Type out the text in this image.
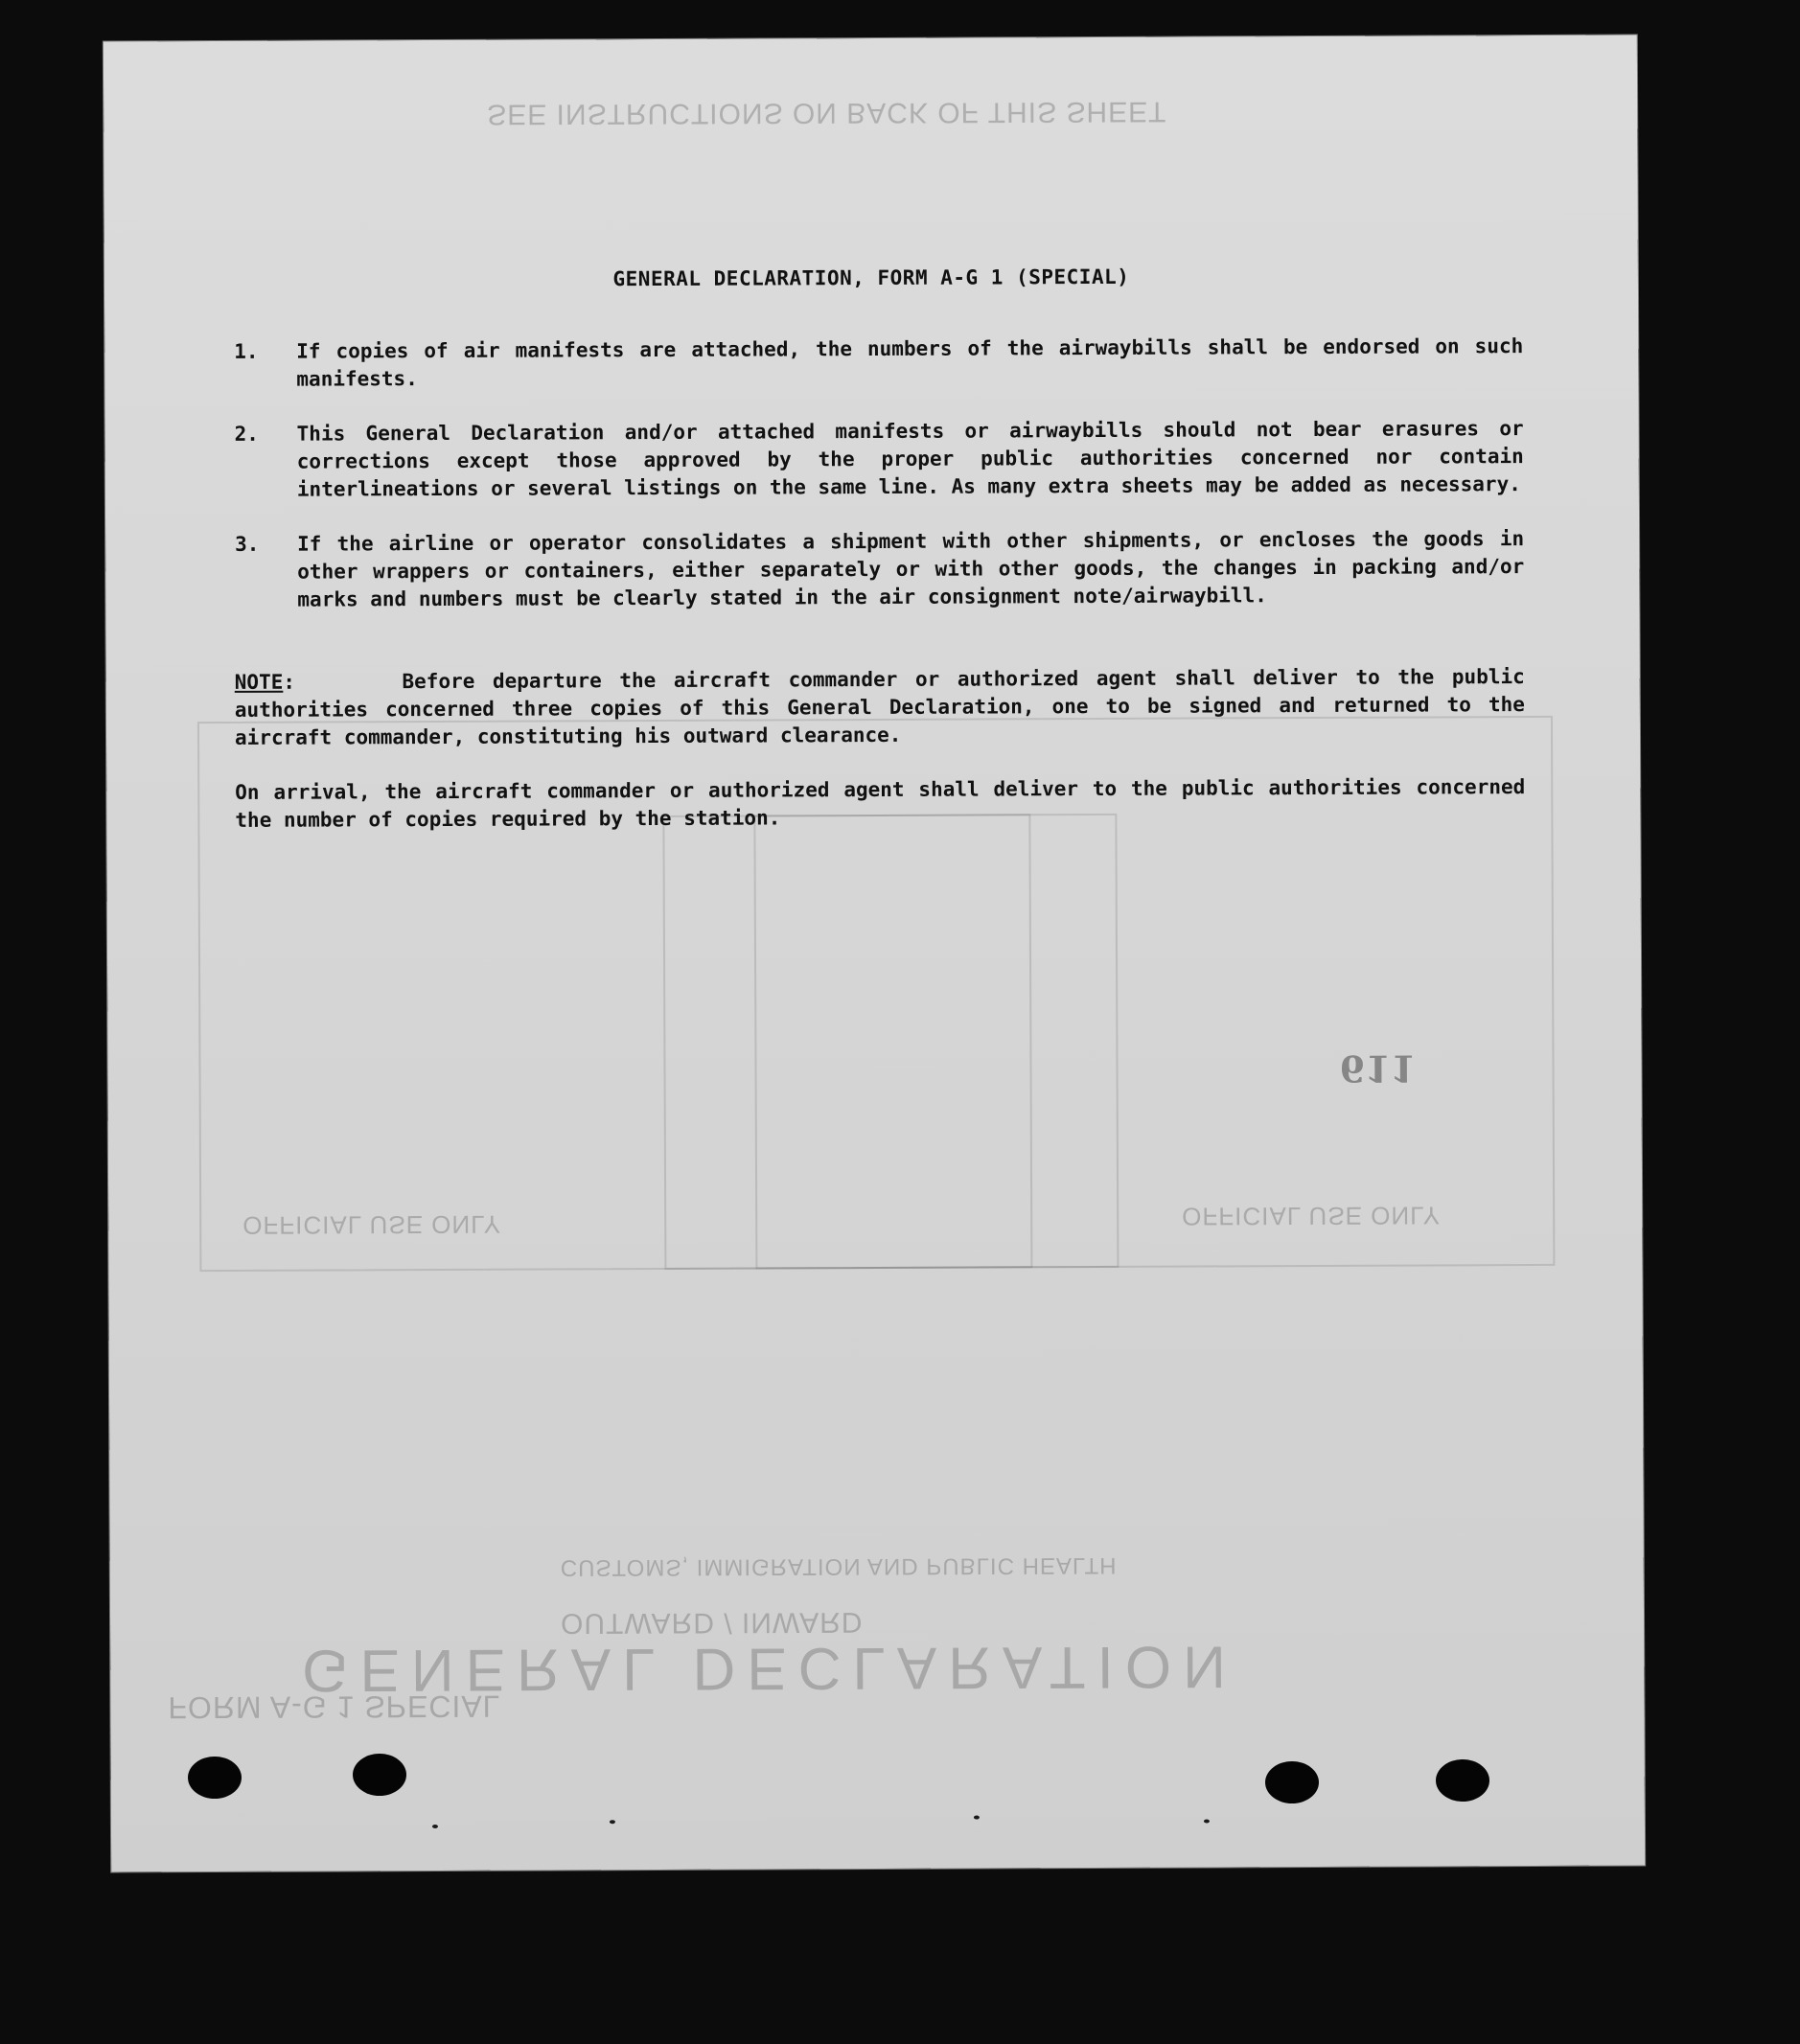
SEE INSTRUCTIONS ON BACK OF THIS SHEET
GENERAL DECLARATION
OUTWARD / INWARD
CUSTOMS, IMMIGRATION AND PUBLIC HEALTH
FORM A-G 1 SPECIAL
OFFICIAL USE ONLY	OFFICIAL USE ONLY
611
GENERAL DECLARATION, FORM A-G 1 (SPECIAL)
1.	If copies of air manifests are attached, the numbers of the airwaybills shall be endorsed on such manifests.
2.	This General Declaration and/or attached manifests or airwaybills should not bear erasures or corrections except those approved by the proper public authorities concerned nor contain interlineations or several listings on the same line. As many extra sheets may be added as necessary.
3.	If the airline or operator consolidates a shipment with other shipments, or encloses the goods in other wrappers or containers, either separately or with other goods, the changes in packing and/or marks and numbers must be clearly stated in the air consignment note/airwaybill.

NOTE:      Before departure the aircraft commander or authorized agent shall deliver to the public authorities concerned three copies of this General Declaration, one to be signed and returned to the aircraft commander, constituting his outward clearance.

On arrival, the aircraft commander or authorized agent shall deliver to the public authorities concerned the number of copies required by the station.
